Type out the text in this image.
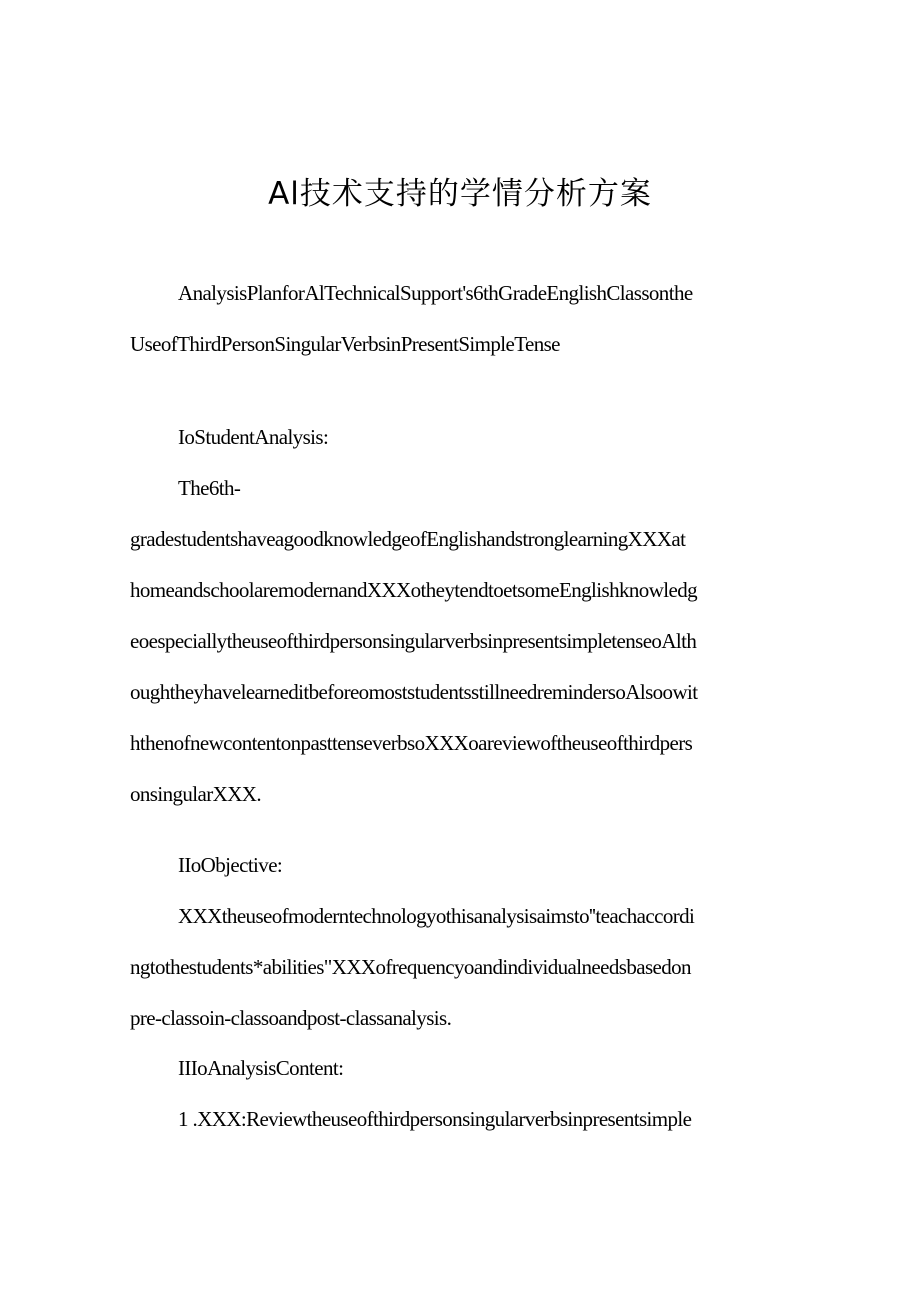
Al技术支持的学情分析方案
AnalysisPlanforAlTechnicalSupport's6thGradeEnglishClassonthe
UseofThirdPersonSingularVerbsinPresentSimpleTense
IoStudentAnalysis:
The6th-
gradestudentshaveagoodknowledgeofEnglishandstronglearningXXXat
homeandschoolaremodernandXXXotheytendtoetsomeEnglishknowledg
eoespeciallytheuseofthirdpersonsingularverbsinpresentsimpletenseoAlth
oughtheyhavelearneditbeforeomoststudentsstillneedremindersoAlsoowit
hthenofnewcontentonpasttenseverbsoXXXoareviewoftheuseofthirdpers
onsingularXXX.
IIoObjective:
XXXtheuseofmoderntechnologyothisanalysisaimsto''teachaccordi
ngtothestudents*abilities"XXXofrequencyoandindividualneedsbasedon
pre-classoin-classoandpost-classanalysis.
IIIoAnalysisContent:
1 .XXX:Reviewtheuseofthirdpersonsingularverbsinpresentsimple
